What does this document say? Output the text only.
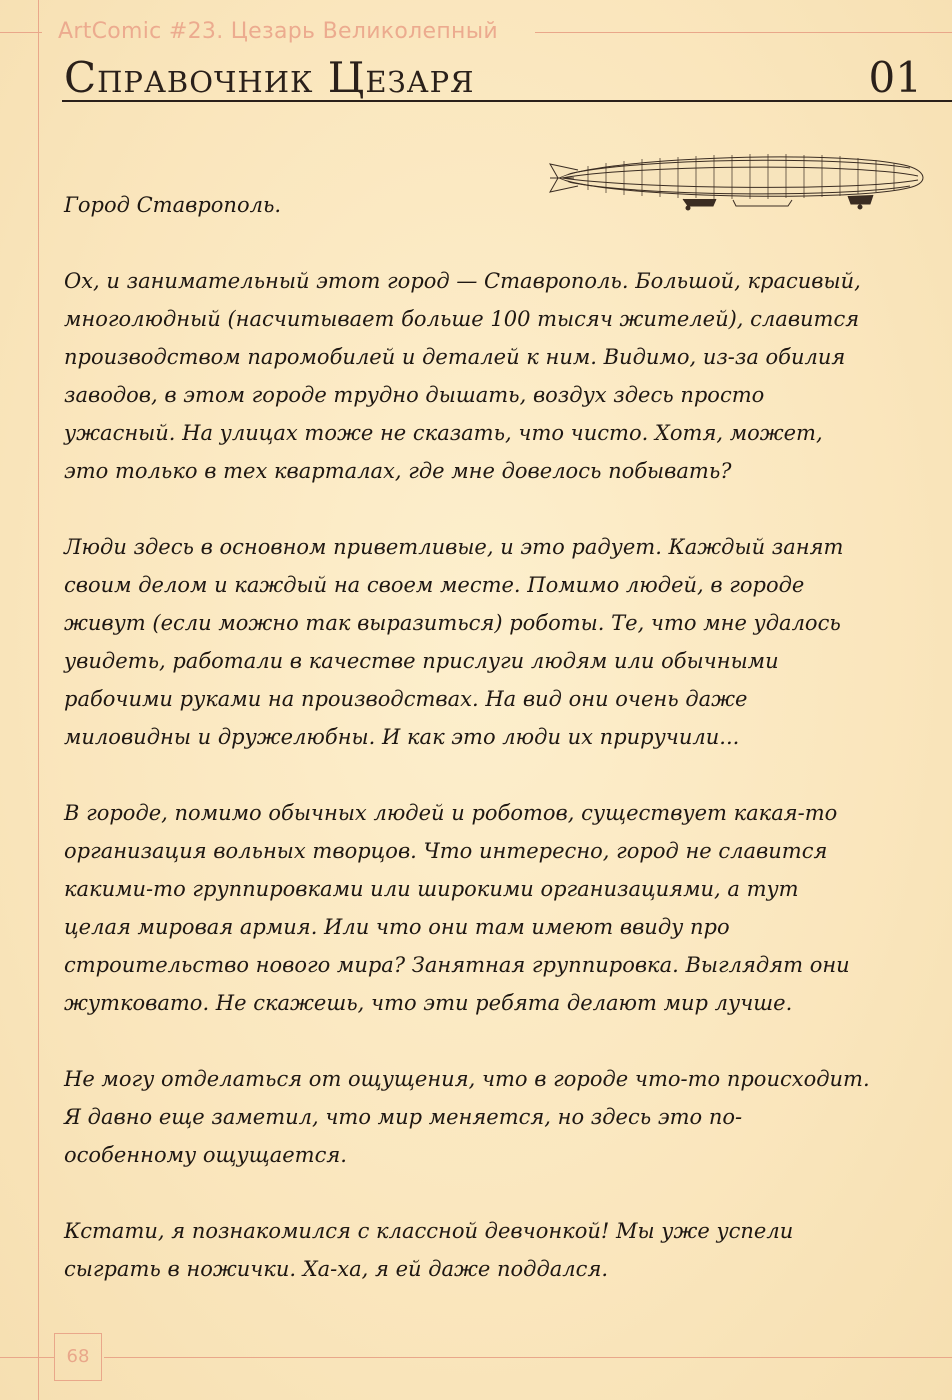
ArtComic #23. Цезарь Великолепный
Справочник Цезаря	01

Город Ставрополь.

Ох, и занимательный этот город — Ставрополь. Большой, красивый, многолюдный (насчитывает больше 100 тысяч жителей), славится производством паромобилей и деталей к ним. Видимо, из-за обилия заводов, в этом городе трудно дышать, воздух здесь просто ужасный. На улицах тоже не сказать, что чисто. Хотя, может, это только в тех кварталах, где мне довелось побывать?

Люди здесь в основном приветливые, и это радует. Каждый занят своим делом и каждый на своем месте. Помимо людей, в городе живут (если можно так выразиться) роботы. Те, что мне удалось увидеть, работали в качестве прислуги людям или обычными рабочими руками на производствах. На вид они очень даже миловидны и дружелюбны. И как это люди их приручили...

В городе, помимо обычных людей и роботов, существует какая-то организация вольных творцов. Что интересно, город не славится какими-то группировками или широкими организациями, а тут целая мировая армия. Или что они там имеют ввиду про строительство нового мира? Занятная группировка. Выглядят они жутковато. Не скажешь, что эти ребята делают мир лучше.

Не могу отделаться от ощущения, что в городе что-то происходит. Я давно еще заметил, что мир меняется, но здесь это по-особенному ощущается.

Кстати, я познакомился с классной девчонкой! Мы уже успели сыграть в ножички. Ха-ха, я ей даже поддался.

68
